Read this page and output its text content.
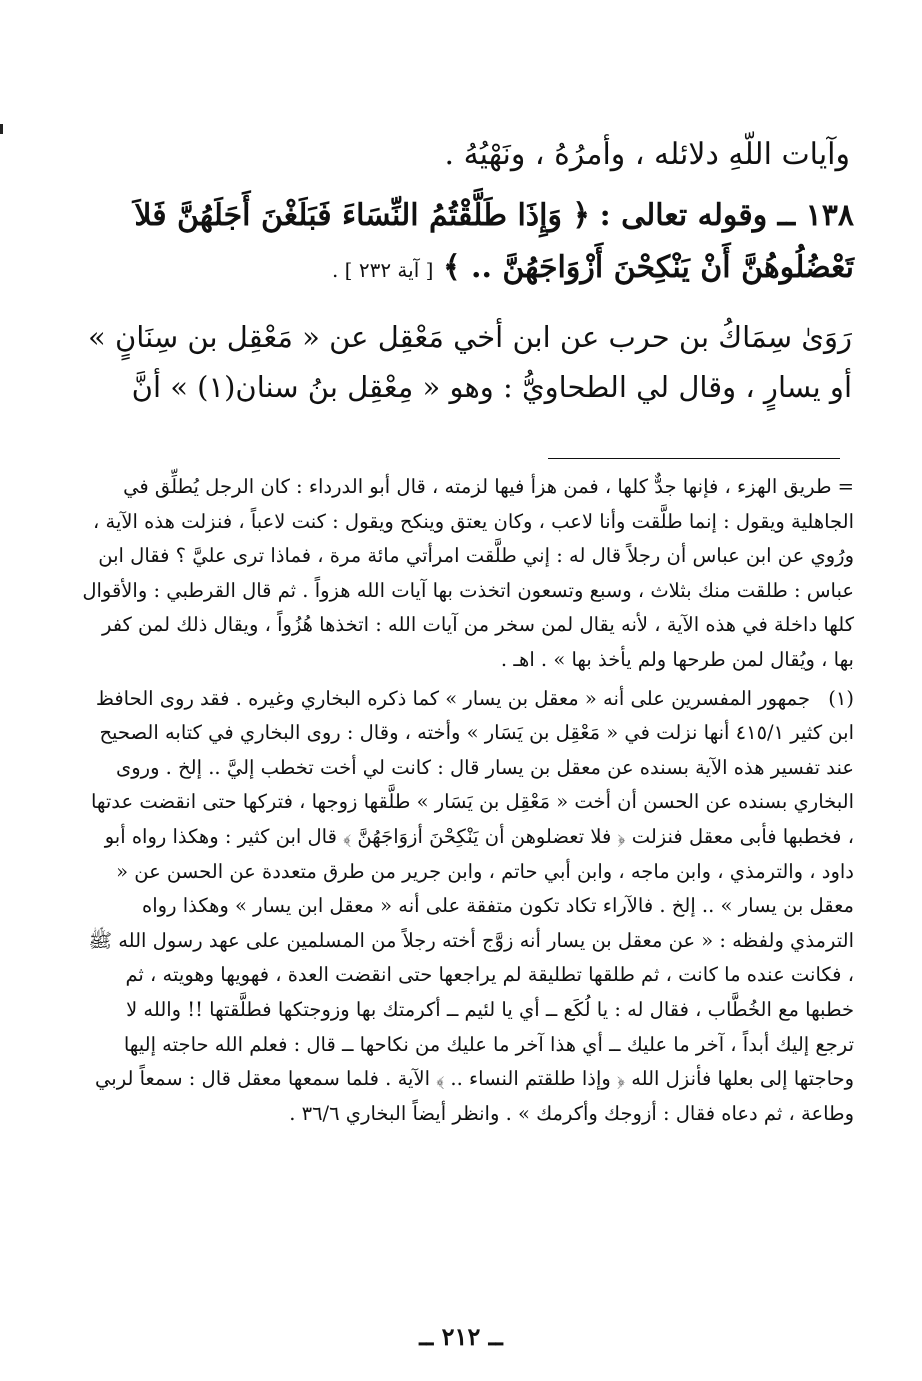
وآيات اللّهِ دلائله ، وأمرُهُ ، ونَهْيُهُ .
١٣٨ ــ وقوله تعالى : ﴿ وَإِذَا طَلَّقْتُمُ النِّسَاءَ فَبَلَغْنَ أَجَلَهُنَّ فَلاَ تَعْضُلُوهُنَّ أَنْ يَنْكِحْنَ أَزْوَاجَهُنَّ .. ﴾ [ آية ٢٣٢ ] .
رَوَىٰ سِمَاكُ بن حرب عن ابن أخي مَعْقِل عن « مَعْقِل بن سِنَانٍ » أو يسارٍ ، وقال لي الطحاويُّ : وهو « مِعْقِل بنُ سنان(١) » أنَّ
= طريق الهزء ، فإنها جدٌّ كلها ، فمن هزأ فيها لزمته ، قال أبو الدرداء : كان الرجل يُطلِّق في الجاهلية ويقول : إنما طلَّقت وأنا لاعب ، وكان يعتق وينكح ويقول : كنت لاعباً ، فنزلت هذه الآية ، ورُوي عن ابن عباس أن رجلاً قال له : إني طلَّقت امرأتي مائة مرة ، فماذا ترى عليَّ ؟ فقال ابن عباس : طلقت منك بثلاث ، وسبع وتسعون اتخذت بها آيات الله هزواً . ثم قال القرطبي : والأقوال كلها داخلة في هذه الآية ، لأنه يقال لمن سخر من آيات الله : اتخذها هُزُواً ، ويقال ذلك لمن كفر بها ، ويُقال لمن طرحها ولم يأخذ بها » . اهـ .
(١)جمهور المفسرين على أنه « معقل بن يسار » كما ذكره البخاري وغيره . فقد روى الحافظ ابن كثير ٤١٥/١ أنها نزلت في « مَعْقِل بن يَسَار » وأخته ، وقال : روى البخاري في كتابه الصحيح عند تفسير هذه الآية بسنده عن معقل بن يسار قال : كانت لي أخت تخطب إليَّ .. إلخ . وروى البخاري بسنده عن الحسن أن أخت « مَعْقِل بن يَسَار » طلَّقها زوجها ، فتركها حتى انقضت عدتها ، فخطبها فأبى معقل فنزلت ﴿ فلا تعضلوهن أن يَنْكِحْنَ أزوَاجَهُنَّ ﴾ قال ابن كثير : وهكذا رواه أبو داود ، والترمذي ، وابن ماجه ، وابن أبي حاتم ، وابن جرير من طرق متعددة عن الحسن عن « معقل بن يسار » .. إلخ . فالآراء تكاد تكون متفقة على أنه « معقل ابن يسار » وهكذا رواه الترمذي ولفظه : « عن معقل بن يسار أنه زوَّج أخته رجلاً من المسلمين على عهد رسول الله ﷺ ، فكانت عنده ما كانت ، ثم طلقها تطليقة لم يراجعها حتى انقضت العدة ، فهويها وهويته ، ثم خطبها مع الخُطَّاب ، فقال له : يا لُكَع ــ أي يا لئيم ــ أكرمتك بها وزوجتكها فطلَّقتها !! والله لا ترجع إليك أبداً ، آخر ما عليك ــ أي هذا آخر ما عليك من نكاحها ــ قال : فعلم الله حاجته إليها وحاجتها إلى بعلها فأنزل الله ﴿ وإذا طلقتم النساء .. ﴾ الآية . فلما سمعها معقل قال : سمعاً لربي وطاعة ، ثم دعاه فقال : أزوجك وأكرمك » . وانظر أيضاً البخاري ٣٦/٦ .
ــ ٢١٢ ــ
